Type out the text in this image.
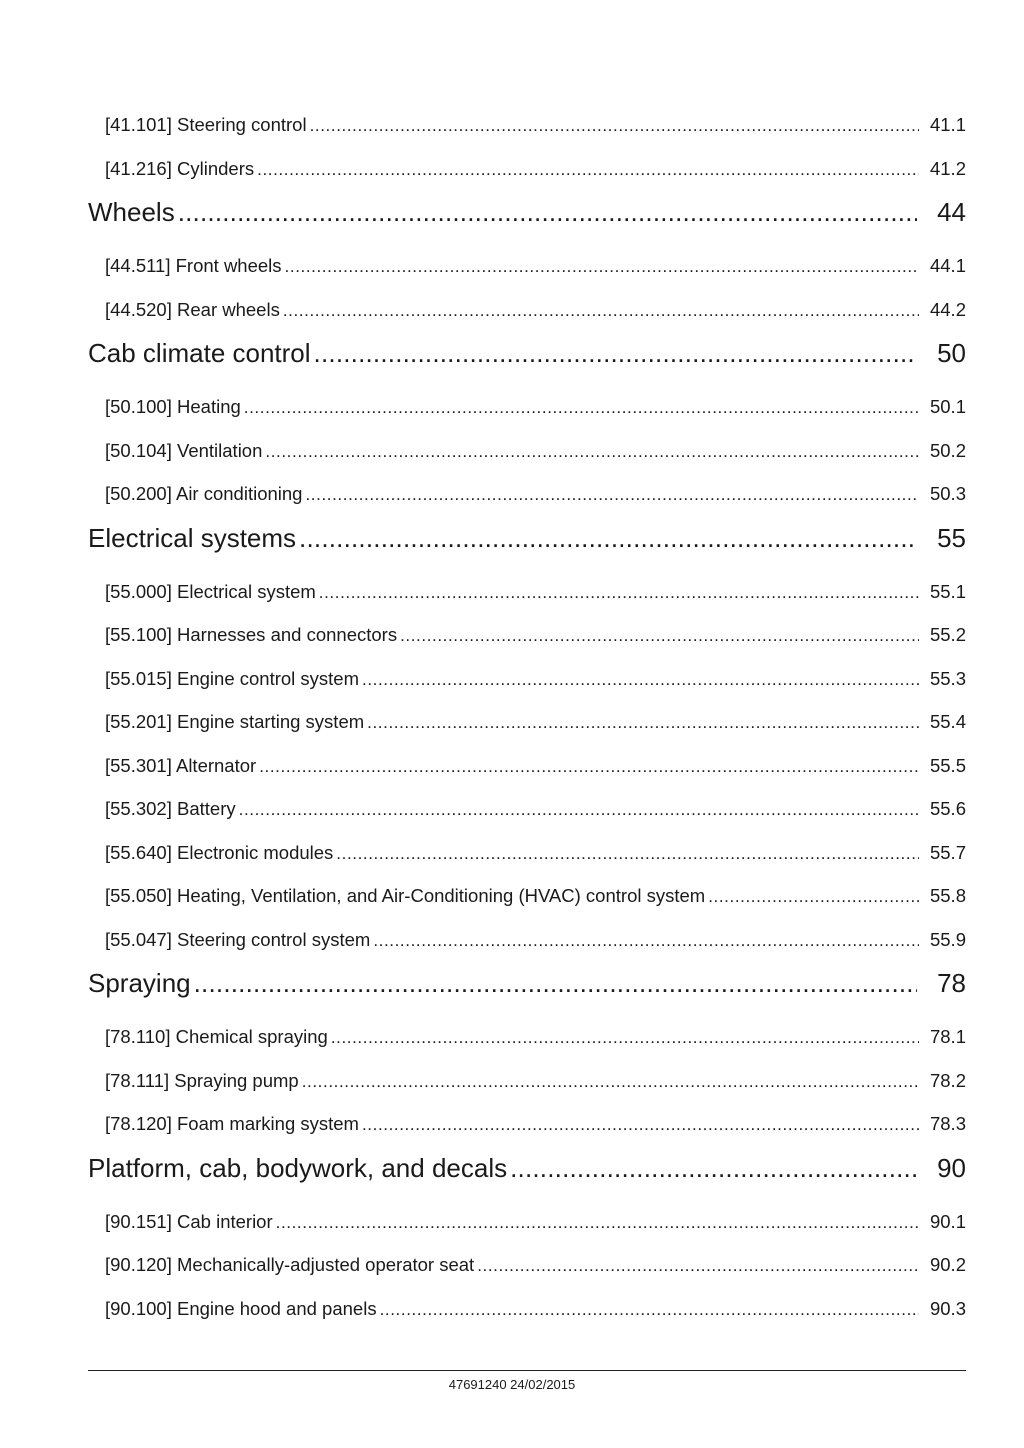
[41.101] Steering control .....	41.1
[41.216] Cylinders .....	41.2
Wheels .....	44
[44.511] Front wheels .....	44.1
[44.520] Rear wheels .....	44.2
Cab climate control .....	50
[50.100] Heating .....	50.1
[50.104] Ventilation .....	50.2
[50.200] Air conditioning .....	50.3
Electrical systems .....	55
[55.000] Electrical system .....	55.1
[55.100] Harnesses and connectors .....	55.2
[55.015] Engine control system .....	55.3
[55.201] Engine starting system .....	55.4
[55.301] Alternator .....	55.5
[55.302] Battery .....	55.6
[55.640] Electronic modules .....	55.7
[55.050] Heating, Ventilation, and Air-Conditioning (HVAC) control system .....	55.8
[55.047] Steering control system .....	55.9
Spraying .....	78
[78.110] Chemical spraying .....	78.1
[78.111] Spraying pump .....	78.2
[78.120] Foam marking system .....	78.3
Platform, cab, bodywork, and decals .....	90
[90.151] Cab interior .....	90.1
[90.120] Mechanically-adjusted operator seat .....	90.2
[90.100] Engine hood and panels .....	90.3
47691240 24/02/2015
